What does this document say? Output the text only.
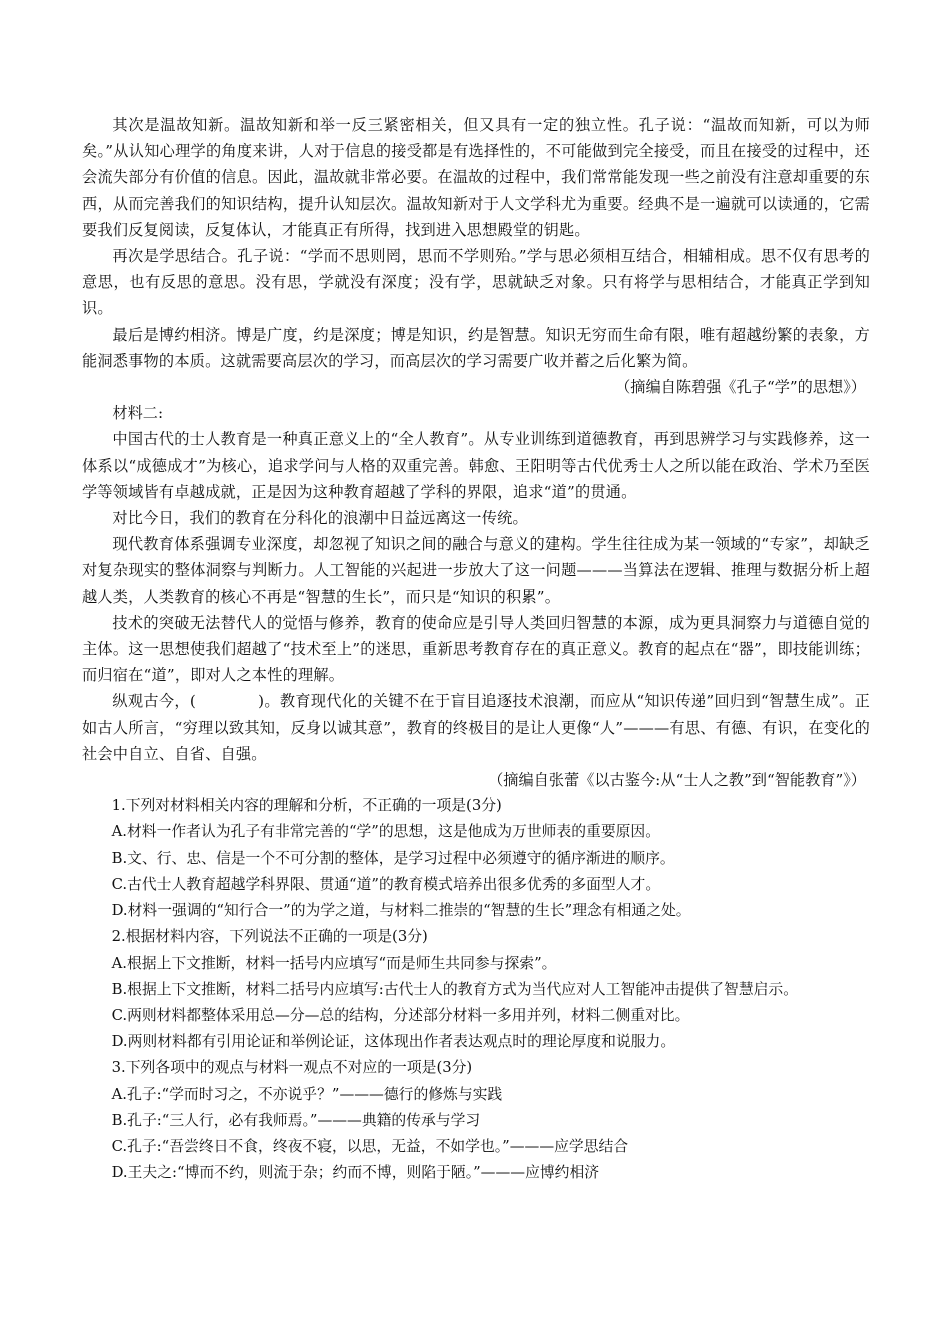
其次是温故知新。温故知新和举一反三紧密相关，但又具有一定的独立性。孔子说：“温故而知新，可以为师矣。”从认知心理学的角度来讲，人对于信息的接受都是有选择性的，不可能做到完全接受，而且在接受的过程中，还会流失部分有价值的信息。因此，温故就非常必要。在温故的过程中，我们常常能发现一些之前没有注意却重要的东西，从而完善我们的知识结构，提升认知层次。温故知新对于人文学科尤为重要。经典不是一遍就可以读通的，它需要我们反复阅读，反复体认，才能真正有所得，找到进入思想殿堂的钥匙。

再次是学思结合。孔子说：“学而不思则罔，思而不学则殆。”学与思必须相互结合，相辅相成。思不仅有思考的意思，也有反思的意思。没有思，学就没有深度；没有学，思就缺乏对象。只有将学与思相结合，才能真正学到知识。

最后是博约相济。博是广度，约是深度；博是知识，约是智慧。知识无穷而生命有限，唯有超越纷繁的表象，方能洞悉事物的本质。这就需要高层次的学习，而高层次的学习需要广收并蓄之后化繁为简。

（摘编自陈碧强《孔子“学”的思想》）

材料二:

中国古代的士人教育是一种真正意义上的“全人教育”。从专业训练到道德教育，再到思辨学习与实践修养，这一体系以“成德成才”为核心，追求学问与人格的双重完善。韩愈、王阳明等古代优秀士人之所以能在政治、学术乃至医学等领域皆有卓越成就，正是因为这种教育超越了学科的界限，追求“道”的贯通。

对比今日，我们的教育在分科化的浪潮中日益远离这一传统。

现代教育体系强调专业深度，却忽视了知识之间的融合与意义的建构。学生往往成为某一领域的“专家”，却缺乏对复杂现实的整体洞察与判断力。人工智能的兴起进一步放大了这一问题———当算法在逻辑、推理与数据分析上超越人类，人类教育的核心不再是“智慧的生长”，而只是“知识的积累”。

技术的突破无法替代人的觉悟与修养，教育的使命应是引导人类回归智慧的本源，成为更具洞察力与道德自觉的主体。这一思想使我们超越了“技术至上”的迷思，重新思考教育存在的真正意义。教育的起点在“器”，即技能训练；而归宿在“道”，即对人之本性的理解。

纵观古今，(　　　　)。教育现代化的关键不在于盲目追逐技术浪潮，而应从“知识传递”回归到“智慧生成”。正如古人所言，“穷理以致其知，反身以诚其意”，教育的终极目的是让人更像“人”———有思、有德、有识，在变化的社会中自立、自省、自强。

（摘编自张蕾《以古鉴今:从“士人之教”到“智能教育”》）

1.下列对材料相关内容的理解和分析，不正确的一项是(3分)

A.材料一作者认为孔子有非常完善的“学”的思想，这是他成为万世师表的重要原因。

B.文、行、忠、信是一个不可分割的整体，是学习过程中必须遵守的循序渐进的顺序。

C.古代士人教育超越学科界限、贯通“道”的教育模式培养出很多优秀的多面型人才。

D.材料一强调的“知行合一”的为学之道，与材料二推崇的“智慧的生长”理念有相通之处。

2.根据材料内容，下列说法不正确的一项是(3分)

A.根据上下文推断，材料一括号内应填写“而是师生共同参与探索”。

B.根据上下文推断，材料二括号内应填写:古代士人的教育方式为当代应对人工智能冲击提供了智慧启示。

C.两则材料都整体采用总—分—总的结构，分述部分材料一多用并列，材料二侧重对比。

D.两则材料都有引用论证和举例论证，这体现出作者表达观点时的理论厚度和说服力。

3.下列各项中的观点与材料一观点不对应的一项是(3分)

A.孔子:“学而时习之，不亦说乎？”———德行的修炼与实践

B.孔子:“三人行，必有我师焉。”———典籍的传承与学习

C.孔子:“吾尝终日不食，终夜不寝，以思，无益，不如学也。”———应学思结合

D.王夫之:“博而不约，则流于杂；约而不博，则陷于陋。”———应博约相济
